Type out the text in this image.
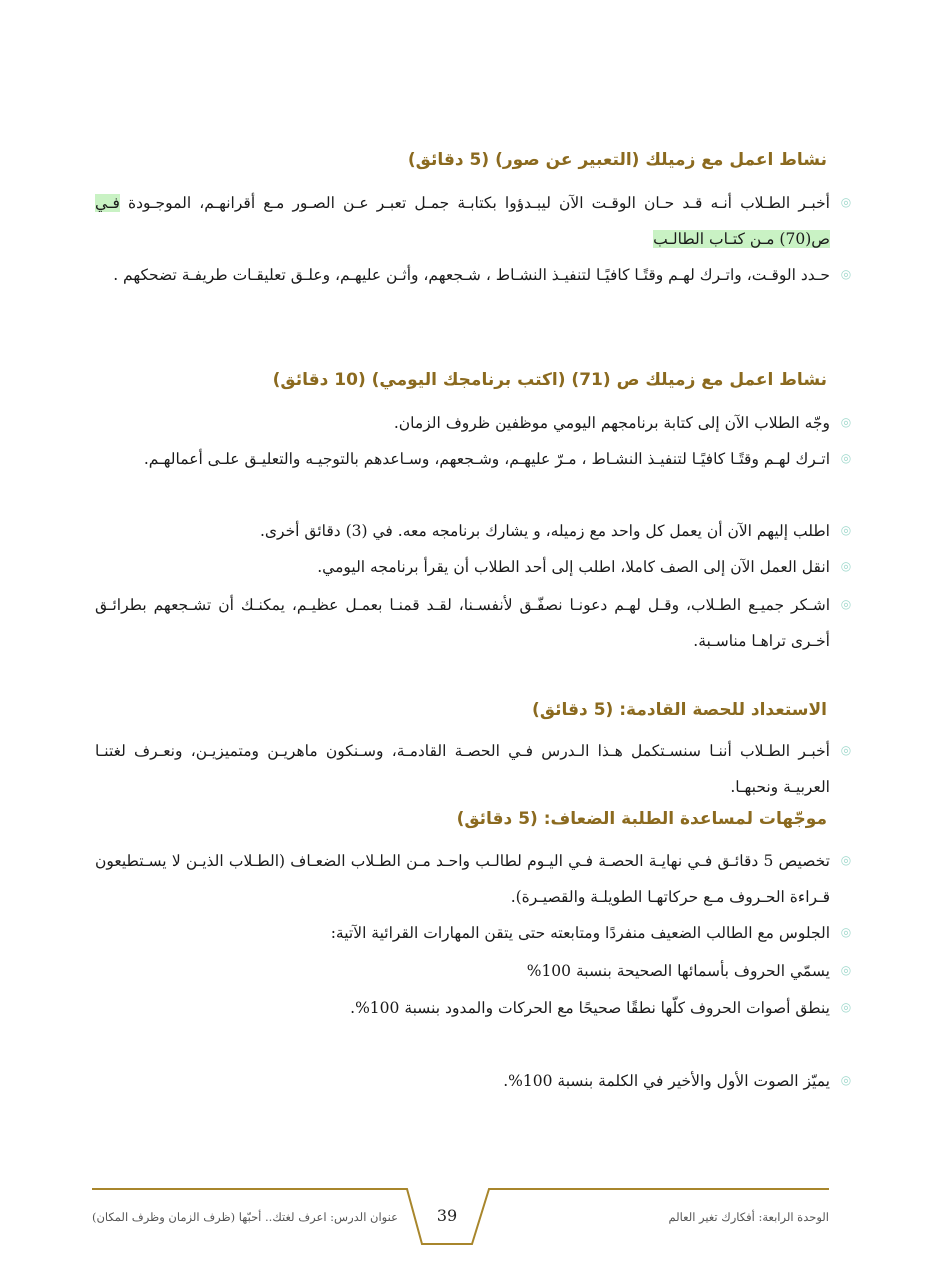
نشاط اعمل مع زميلك (التعبير عن صور) (5 دقائق)
◎
أخبـر الطـلاب أنـه قـد حـان الوقـت الآن ليبـدؤوا بكتابـة جمـل تعبـر عـن الصـور مـع أقرانهـم، الموجـودة فـي ص(70) مـن كتـاب الطالـب
◎
حـدد الوقـت، واتـرك لهـم وقتًـا كافيًـا لتنفيـذ النشـاط ، شـجعهم، وأثـن عليهـم، وعلـق تعليقـات طريفـة تضحكهم .
نشاط اعمل مع زميلك ص (71) (اكتب برنامجك اليومي) (10 دقائق)
◎
وجّه الطلاب الآن إلى كتابة برنامجهم اليومي موظفين ظروف الزمان.
◎
اتـرك لهـم وقتًـا كافيًـا لتنفيـذ النشـاط ، مـرّ عليهـم، وشـجعهم، وسـاعدهم بالتوجيـه والتعليـق علـى أعمالهـم.
◎
اطلب إليهم الآن أن يعمل كل واحد مع زميله، و يشارك برنامجه معه. في (3) دقائق أخرى.
◎
انقل العمل الآن إلى الصف كاملا، اطلب إلى أحد الطلاب أن يقرأ برنامجه اليومي.
◎
اشـكر جميـع الطـلاب، وقـل لهـم دعونـا نصفّـق لأنفسـنا، لقـد قمنـا بعمـل عظيـم، يمكنـك أن تشـجعهم بطرائـق أخـرى تراهـا مناسـبة.
الاستعداد للحصة القادمة: (5 دقائق)
◎
أخبـر الطـلاب أننـا سنسـتكمل هـذا الـدرس فـي الحصـة القادمـة، وسـنكون ماهريـن ومتميزيـن، ونعـرف لغتنـا العربيـة ونحبهـا.
موجّهات لمساعدة الطلبة الضعاف: (5 دقائق)
◎
تخصيص 5 دقائـق فـي نهايـة الحصـة فـي اليـوم لطالـب واحـد مـن الطـلاب الضعـاف (الطـلاب الذيـن لا يسـتطيعون قـراءة الحـروف مـع حركاتهـا الطويلـة والقصيـرة).
◎
الجلوس مع الطالب الضعيف منفردًا ومتابعته حتى يتقن المهارات القرائية الآتية:
◎
يسمّي الحروف بأسمائها الصحيحة بنسبة 100%
◎
ينطق أصوات الحروف كلّها نطقًا صحيحًا مع الحركات والمدود بنسبة 100%.
◎
يميّز الصوت الأول والأخير في الكلمة بنسبة 100%.
عنوان الدرس: اعرف لغتك.. أحبّها (ظرف الزمان وظرف المكان)	39	الوحدة الرابعة: أفكارك تغير العالم
